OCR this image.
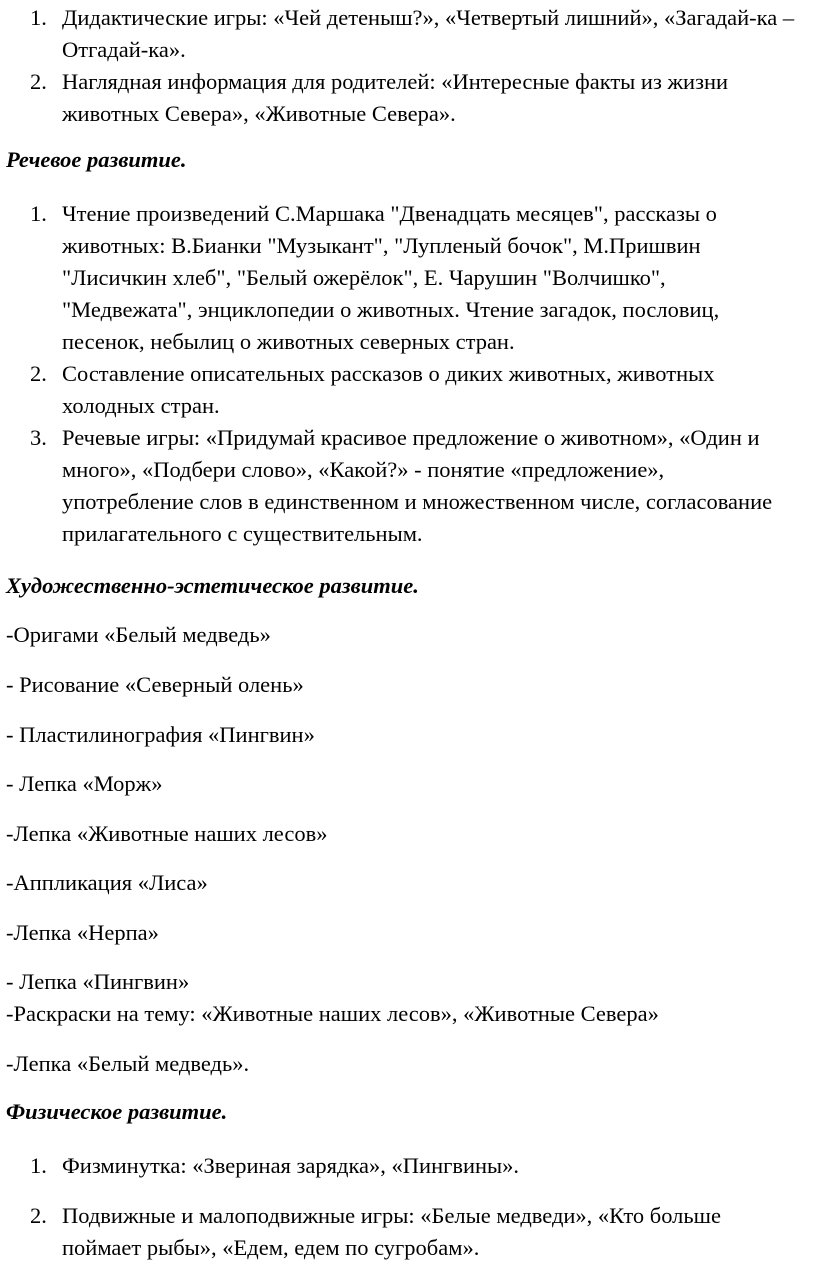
1. Дидактические игры: «Чей детеныш?», «Четвертый лишний», «Загадай-ка – Отгадай-ка».
2. Наглядная информация для родителей: «Интересные факты из жизни животных Севера», «Животные Севера».
Речевое развитие.
1. Чтение произведений С.Маршака "Двенадцать месяцев", рассказы о животных: В.Бианки "Музыкант", "Лупленый бочок", М.Пришвин "Лисичкин хлеб", "Белый ожерёлок", Е. Чарушин "Волчишко", "Медвежата", энциклопедии о животных. Чтение загадок, пословиц, песенок, небылиц о животных северных стран.
2. Составление описательных рассказов о диких животных, животных холодных стран.
3. Речевые игры: «Придумай красивое предложение о животном», «Один и много», «Подбери слово», «Какой?» - понятие «предложение», употребление слов в единственном и множественном числе, согласование прилагательного с существительным.
Художественно-эстетическое развитие.
-Оригами «Белый медведь»
- Рисование «Северный олень»
- Пластилинография «Пингвин»
- Лепка «Морж»
-Лепка «Животные наших лесов»
-Аппликация «Лиса»
-Лепка «Нерпа»
- Лепка «Пингвин»
-Раскраски на тему: «Животные наших лесов», «Животные Севера»
-Лепка «Белый медведь».
Физическое развитие.
1. Физминутка: «Звериная зарядка», «Пингвины».
2. Подвижные и малоподвижные игры: «Белые медведи», «Кто больше поймает рыбы», «Едем, едем по сугробам».
